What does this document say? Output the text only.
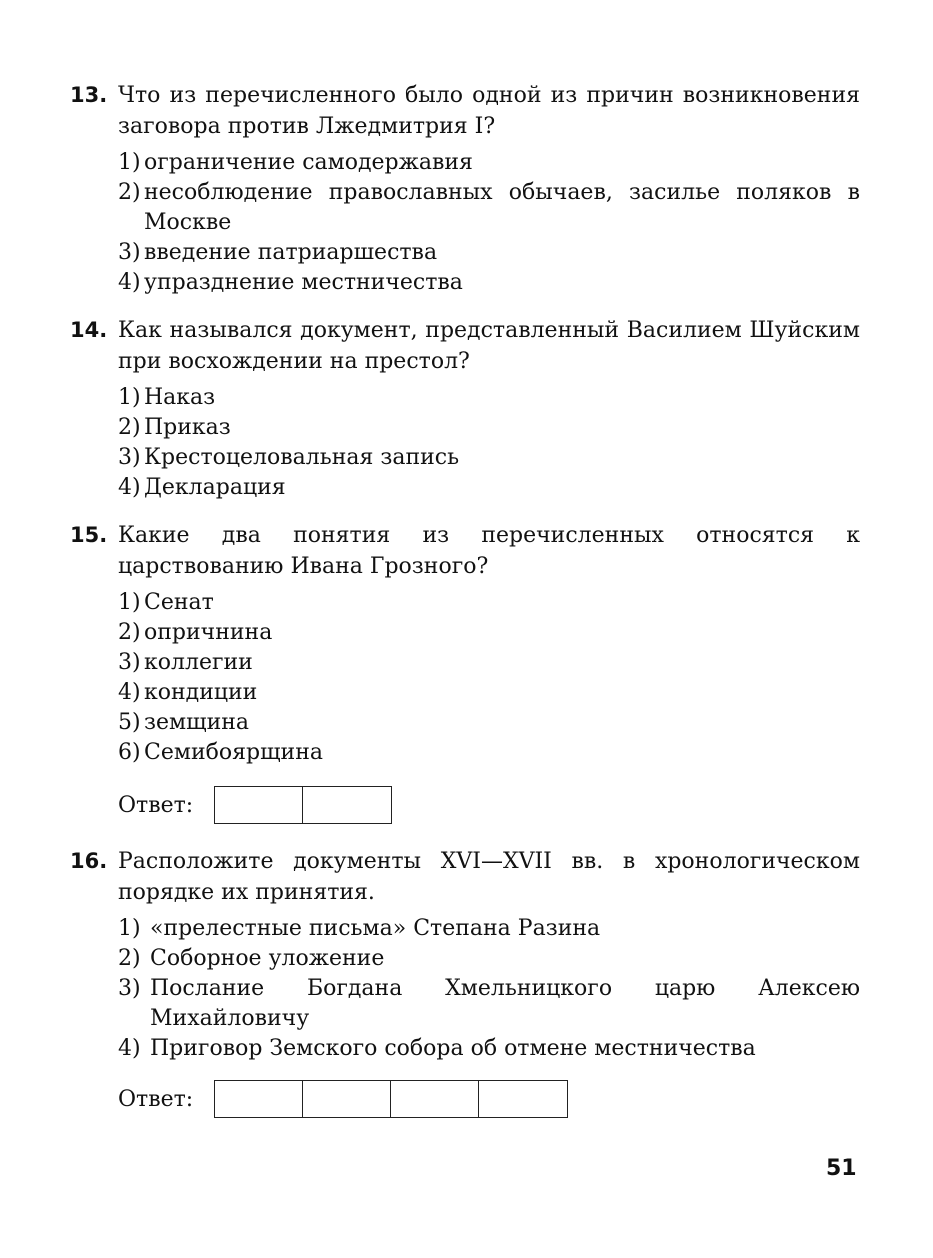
13. Что из перечисленного было одной из причин возникновения заговора против Лжедмитрия I?
1) ограничение самодержавия
2) несоблюдение православных обычаев, засилье поляков в Москве
3) введение патриаршества
4) упразднение местничества
14. Как назывался документ, представленный Василием Шуйским при восхождении на престол?
1) Наказ
2) Приказ
3) Крестоцеловальная запись
4) Декларация
15. Какие два понятия из перечисленных относятся к царствованию Ивана Грозного?
1) Сенат
2) опричнина
3) коллегии
4) кондиции
5) земщина
6) Семибоярщина
Ответ:
16. Расположите документы XVI—XVII вв. в хронологическом порядке их принятия.
1) «прелестные письма» Степана Разина
2) Соборное уложение
3) Послание Богдана Хмельницкого царю Алексею Михайловичу
4) Приговор Земского собора об отмене местничества
Ответ:
51
